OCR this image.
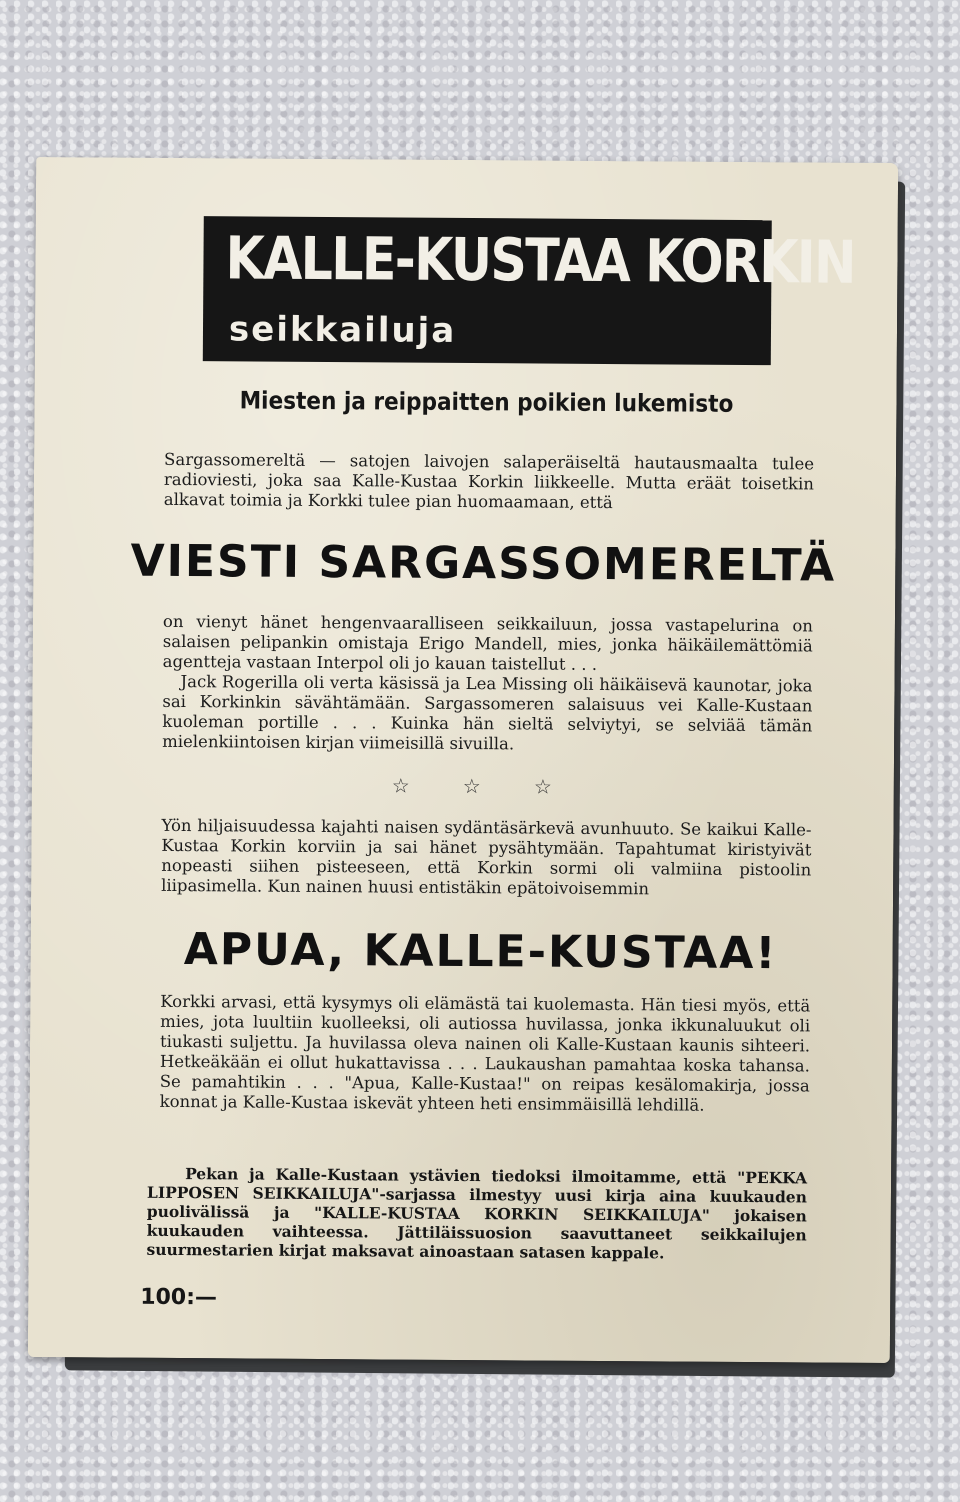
KALLE-KUSTAA KORKIN
seikkailuja
Miesten ja reippaitten poikien lukemisto

Sargassomereltä — satojen laivojen salaperäiseltä hautausmaalta tulee radioviesti, joka saa Kalle-Kustaa Korkin liikkeelle. Mutta eräät toisetkin alkavat toimia ja Korkki tulee pian huomaamaan, että

VIESTI SARGASSOMERELTÄ

on vienyt hänet hengenvaaralliseen seikkailuun, jossa vastapelurina on salaisen pelipankin omistaja Erigo Mandell, mies, jonka häikäilemättömiä agentteja vastaan Interpol oli jo kauan taistellut . . .

Jack Rogerilla oli verta käsissä ja Lea Missing oli häikäisevä kaunotar, joka sai Korkinkin sävähtämään. Sargassomeren salaisuus vei Kalle-Kustaan kuoleman portille . . . Kuinka hän sieltä selviytyi, se selviää tämän mielenkiintoisen kirjan viimeisillä sivuilla.

☆	☆	☆

Yön hiljaisuudessa kajahti naisen sydäntäsärkevä avunhuuto. Se kaikui Kalle-Kustaa Korkin korviin ja sai hänet pysähtymään. Tapahtumat kiristyivät nopeasti siihen pisteeseen, että Korkin sormi oli valmiina pistoolin liipasimella. Kun nainen huusi entistäkin epätoivoisemmin

APUA, KALLE-KUSTAA!

Korkki arvasi, että kysymys oli elämästä tai kuolemasta. Hän tiesi myös, että mies, jota luultiin kuolleeksi, oli autiossa huvilassa, jonka ikkunaluukut oli tiukasti suljettu. Ja huvilassa oleva nainen oli Kalle-Kustaan kaunis sihteeri. Hetkeäkään ei ollut hukattavissa . . . Laukaushan pamahtaa koska tahansa. Se pamahtikin . . . "Apua, Kalle-Kustaa!" on reipas kesälomakirja, jossa konnat ja Kalle-Kustaa iskevät yhteen heti ensimmäisillä lehdillä.

Pekan ja Kalle-Kustaan ystävien tiedoksi ilmoitamme, että "PEKKA LIPPOSEN SEIKKAILUJA"-sarjassa ilmestyy uusi kirja aina kuukauden puolivälissä ja "KALLE-KUSTAA KORKIN SEIKKAILUJA" jokaisen kuukauden vaihteessa. Jättiläissuosion saavuttaneet seikkailujen suurmestarien kirjat maksavat ainoastaan satasen kappale.
100:—
